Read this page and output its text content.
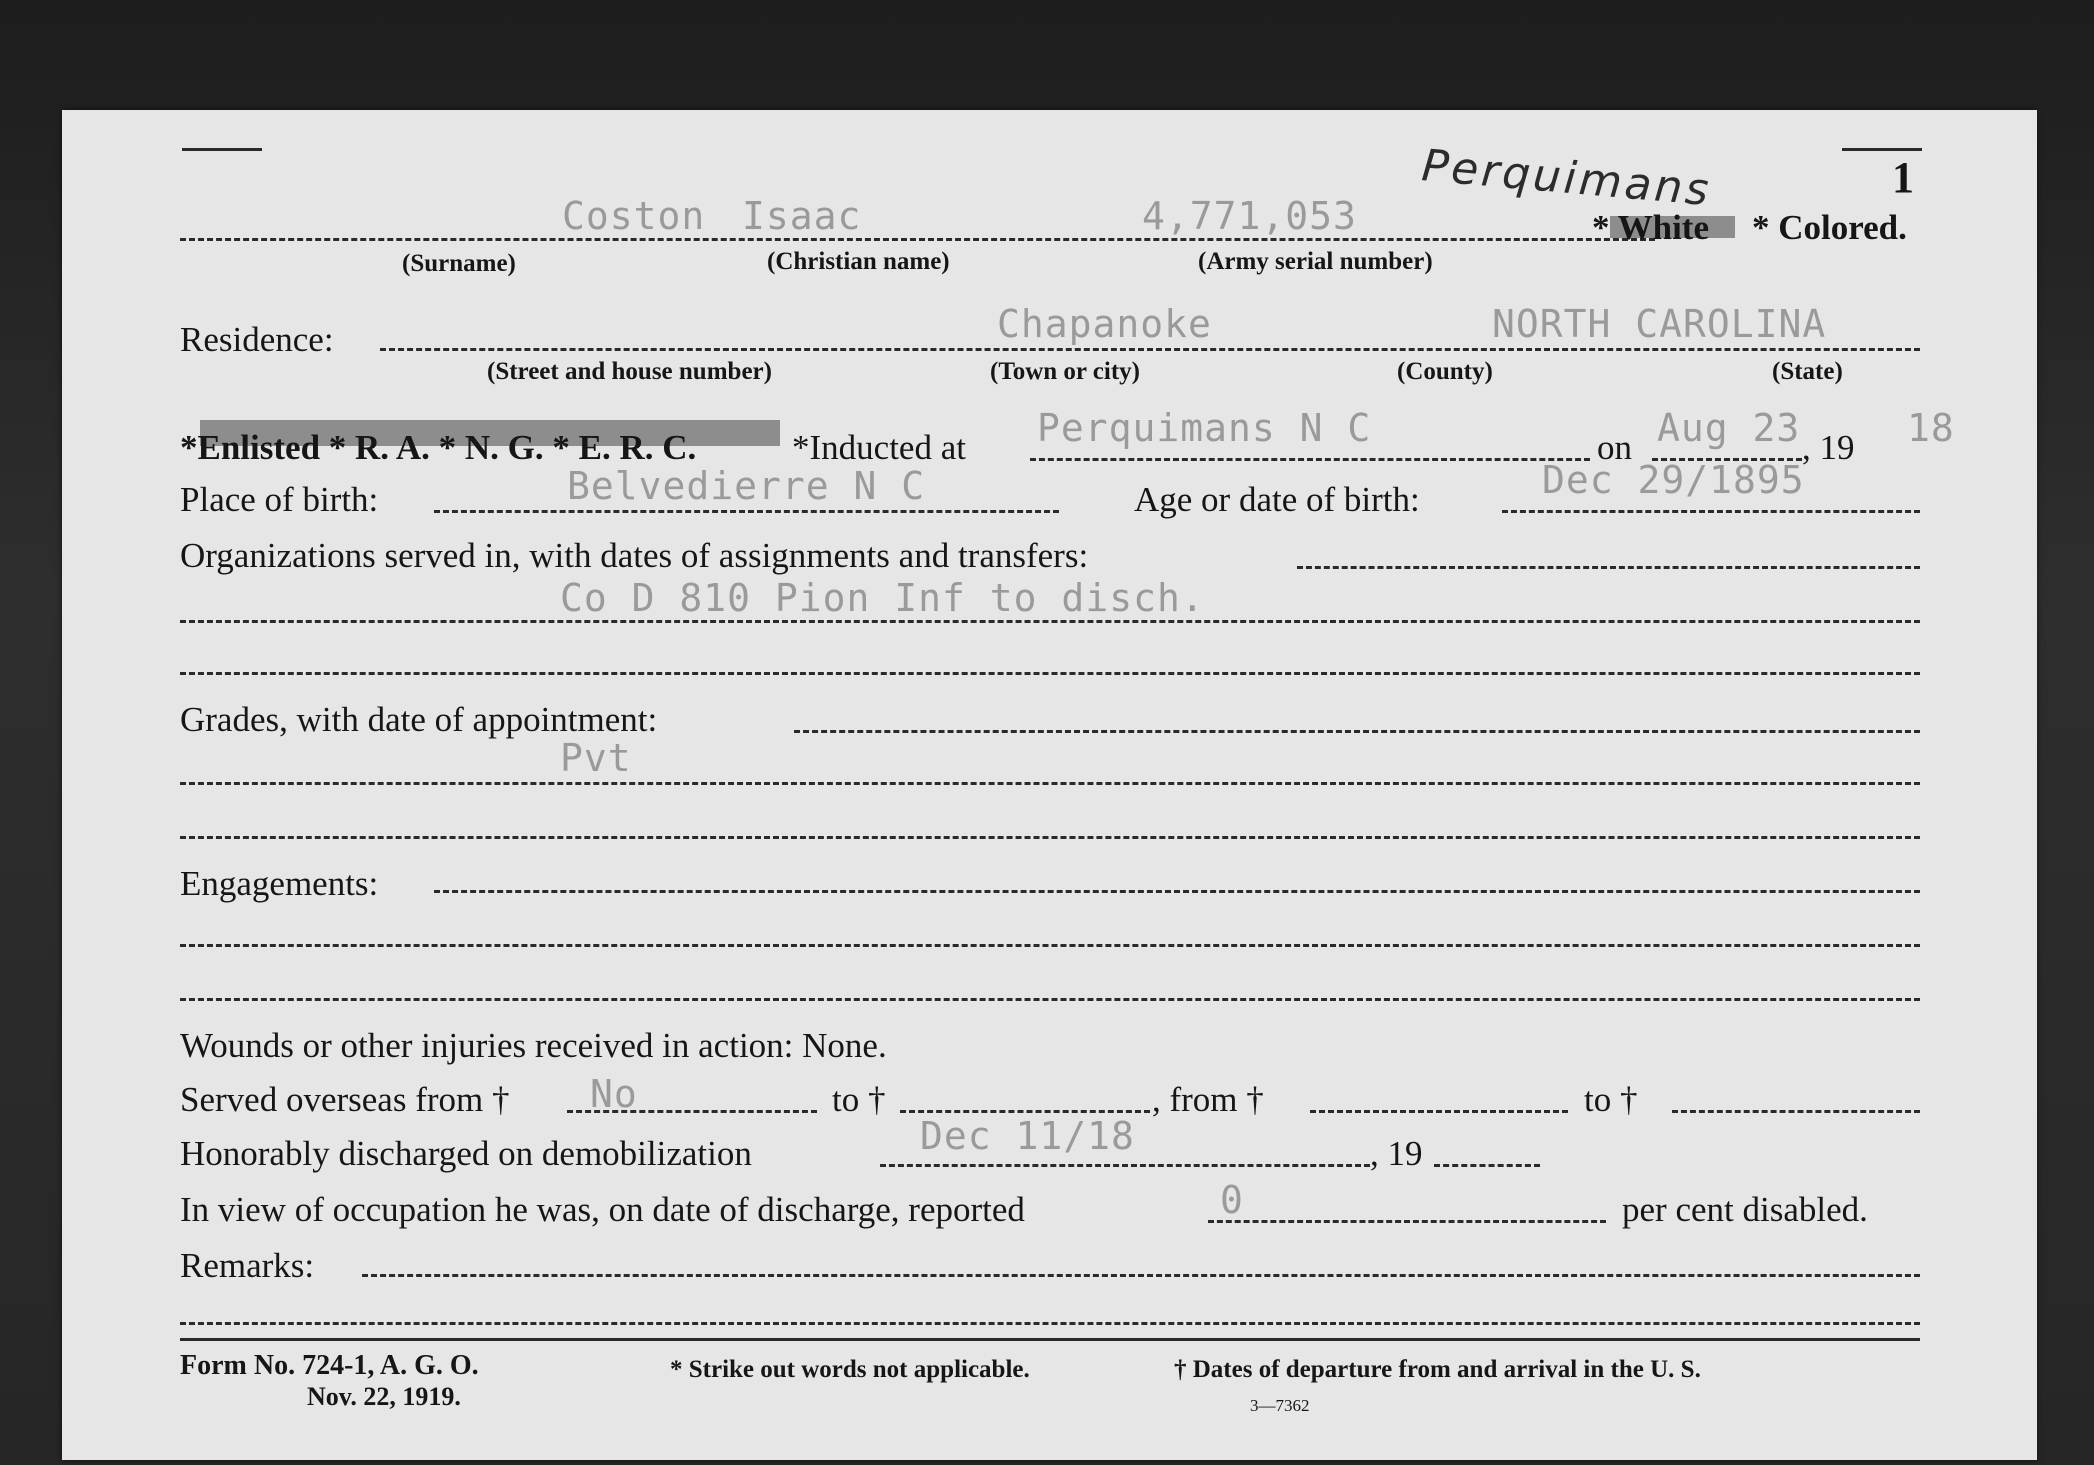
1
Perquimans
Coston Isaac	4,771,053	* White * Colored.
(Surname)	(Christian name)	(Army serial number)
Residence:	Chapanoke	NORTH CAROLINA
(Street and house number)	(Town or city)	(County)	(State)
*Enlisted * R. A. * N. G. * E. R. C.	*Inducted at Perquimans N C	on Aug 23 , 19 18
Place of birth:	Belvedierre N C	Age or date of birth:	Dec 29/1895
Organizations served in, with dates of assignments and transfers:
Co D 810 Pion Inf to disch.
Grades, with date of appointment:
Pvt
Engagements:
Wounds or other injuries received in action: None.
Served overseas from † No	to †	, from †	to †
Honorably discharged on demobilization	Dec 11/18	, 19
In view of occupation he was, on date of discharge, reported	0	per cent disabled.
Remarks:
Form No. 724-1, A. G. O.
Nov. 22, 1919.
* Strike out words not applicable.	† Dates of departure from and arrival in the U. S.
3—7362
